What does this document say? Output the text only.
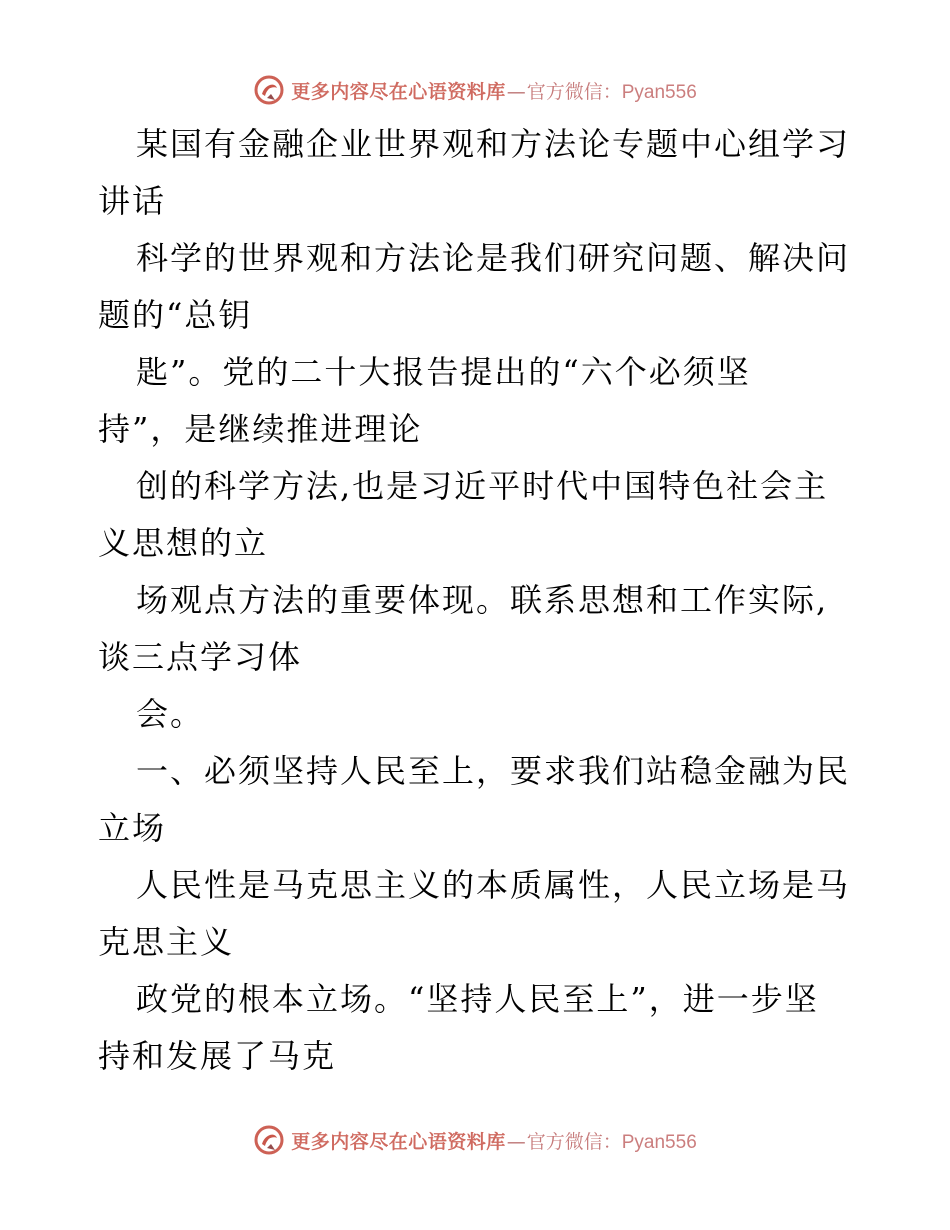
更多内容尽在心语资料库 — 官方微信： Pyan556

某国有金融企业世界观和方法论专题中心组学习

讲话

科学的世界观和方法论是我们研究问题、解决问

题的“总钥

匙”。党的二十大报告提出的“六个必须坚

持”，是继续推进理论

创的科学方法,也是习近平时代中国特色社会主

义思想的立

场观点方法的重要体现。联系思想和工作实际,

谈三点学习体

会。

一、必须坚持人民至上，要求我们站稳金融为民

立场

人民性是马克思主义的本质属性，人民立场是马

克思主义

政党的根本立场。“坚持人民至上”，进一步坚

持和发展了马克

更多内容尽在心语资料库 — 官方微信： Pyan556
